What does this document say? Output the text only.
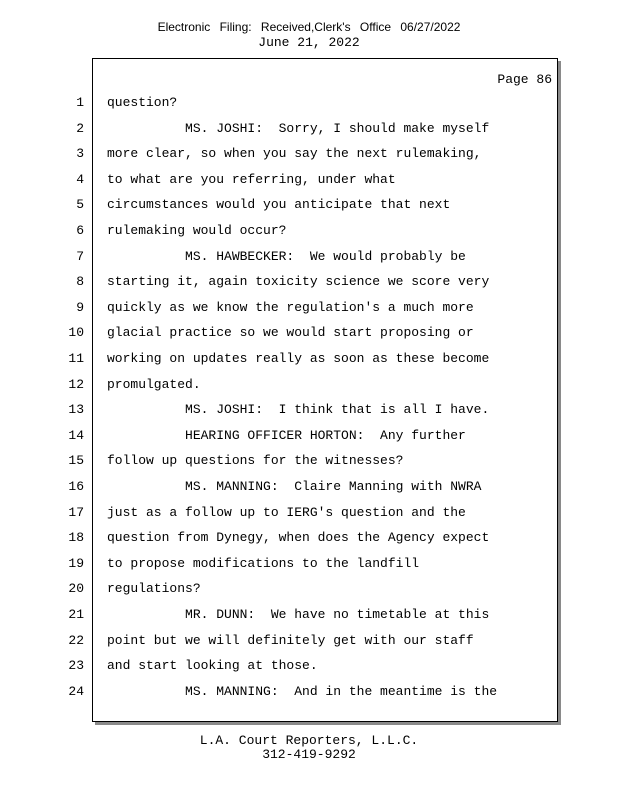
Electronic Filing: Received,Clerk's Office 06/27/2022
June 21, 2022
Page 86
1 question?
2 MS. JOSHI:  Sorry, I should make myself
3 more clear, so when you say the next rulemaking,
4 to what are you referring, under what
5 circumstances would you anticipate that next
6 rulemaking would occur?
7 MS. HAWBECKER:  We would probably be
8 starting it, again toxicity science we score very
9 quickly as we know the regulation's a much more
10 glacial practice so we would start proposing or
11 working on updates really as soon as these become
12 promulgated.
13 MS. JOSHI:  I think that is all I have.
14 HEARING OFFICER HORTON:  Any further
15 follow up questions for the witnesses?
16 MS. MANNING:  Claire Manning with NWRA
17 just as a follow up to IERG's question and the
18 question from Dynegy, when does the Agency expect
19 to propose modifications to the landfill
20 regulations?
21 MR. DUNN:  We have no timetable at this
22 point but we will definitely get with our staff
23 and start looking at those.
24 MS. MANNING:  And in the meantime is the
L.A. Court Reporters, L.L.C.
312-419-9292
